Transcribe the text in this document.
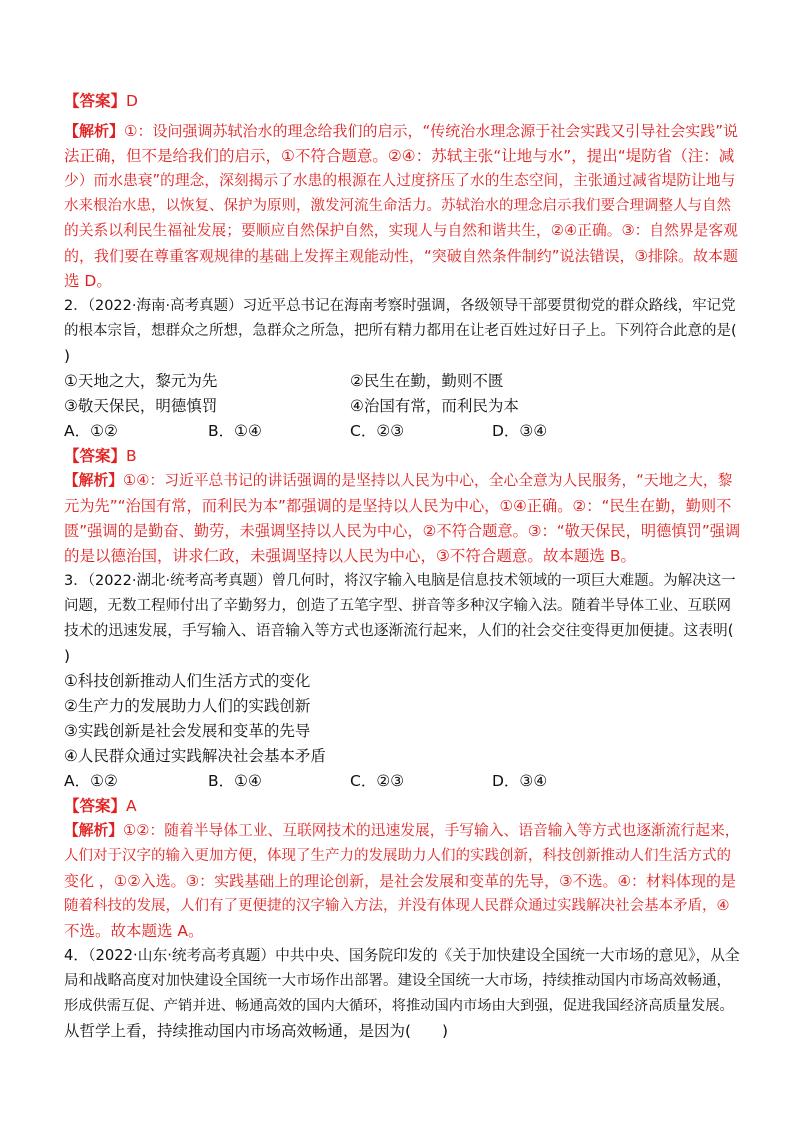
【答案】D
【解析】①：设问强调苏轼治水的理念给我们的启示，“传统治水理念源于社会实践又引导社会实践”说
法正确，但不是给我们的启示，①不符合题意。②④：苏轼主张“让地与水”，提出“堤防省（注：减
少）而水患衰”的理念，深刻揭示了水患的根源在人过度挤压了水的生态空间，主张通过减省堤防让地与
水来根治水患，以恢复、保护为原则，激发河流生命活力。苏轼治水的理念启示我们要合理调整人与自然
的关系以利民生福祉发展；要顺应自然保护自然，实现人与自然和谐共生，②④正确。③：自然界是客观
的，我们要在尊重客观规律的基础上发挥主观能动性，“突破自然条件制约”说法错误，③排除。故本题
选 D。
2．（2022·海南·高考真题）习近平总书记在海南考察时强调，各级领导干部要贯彻党的群众路线，牢记党
的根本宗旨，想群众之所想，急群众之所急，把所有精力都用在让老百姓过好日子上。下列符合此意的是(
)
①天地之大，黎元为先	②民生在勤，勤则不匮
③敬天保民，明德慎罚	④治国有常，而利民为本
A．①②	B．①④	C．②③	D．③④
【答案】B
【解析】①④：习近平总书记的讲话强调的是坚持以人民为中心，全心全意为人民服务，“天地之大，黎
元为先”“治国有常，而利民为本”都强调的是坚持以人民为中心，①④正确。②：“民生在勤，勤则不
匮”强调的是勤奋、勤劳，未强调坚持以人民为中心，②不符合题意。③：“敬天保民，明德慎罚”强调
的是以德治国，讲求仁政，未强调坚持以人民为中心，③不符合题意。故本题选 B。
3．（2022·湖北·统考高考真题）曾几何时，将汉字输入电脑是信息技术领域的一项巨大难题。为解决这一
问题，无数工程师付出了辛勤努力，创造了五笔字型、拼音等多种汉字输入法。随着半导体工业、互联网
技术的迅速发展，手写输入、语音输入等方式也逐渐流行起来，人们的社会交往变得更加便捷。这表明(
)
①科技创新推动人们生活方式的变化
②生产力的发展助力人们的实践创新
③实践创新是社会发展和变革的先导
④人民群众通过实践解决社会基本矛盾
A．①②	B．①④	C．②③	D．③④
【答案】A
【解析】①②：随着半导体工业、互联网技术的迅速发展，手写输入、语音输入等方式也逐渐流行起来，
人们对于汉字的输入更加方便，体现了生产力的发展助力人们的实践创新，科技创新推动人们生活方式的
变化 ，①②入选。③：实践基础上的理论创新，是社会发展和变革的先导，③不选。④：材料体现的是
随着科技的发展，人们有了更便捷的汉字输入方法，并没有体现人民群众通过实践解决社会基本矛盾，④
不选。故本题选 A。
4．（2022·山东·统考高考真题）中共中央、国务院印发的《关于加快建设全国统一大市场的意见》，从全
局和战略高度对加快建设全国统一大市场作出部署。建设全国统一大市场，持续推动国内市场高效畅通，
形成供需互促、产销并进、畅通高效的国内大循环，将推动国内市场由大到强，促进我国经济高质量发展。
从哲学上看，持续推动国内市场高效畅通，是因为(　　)
